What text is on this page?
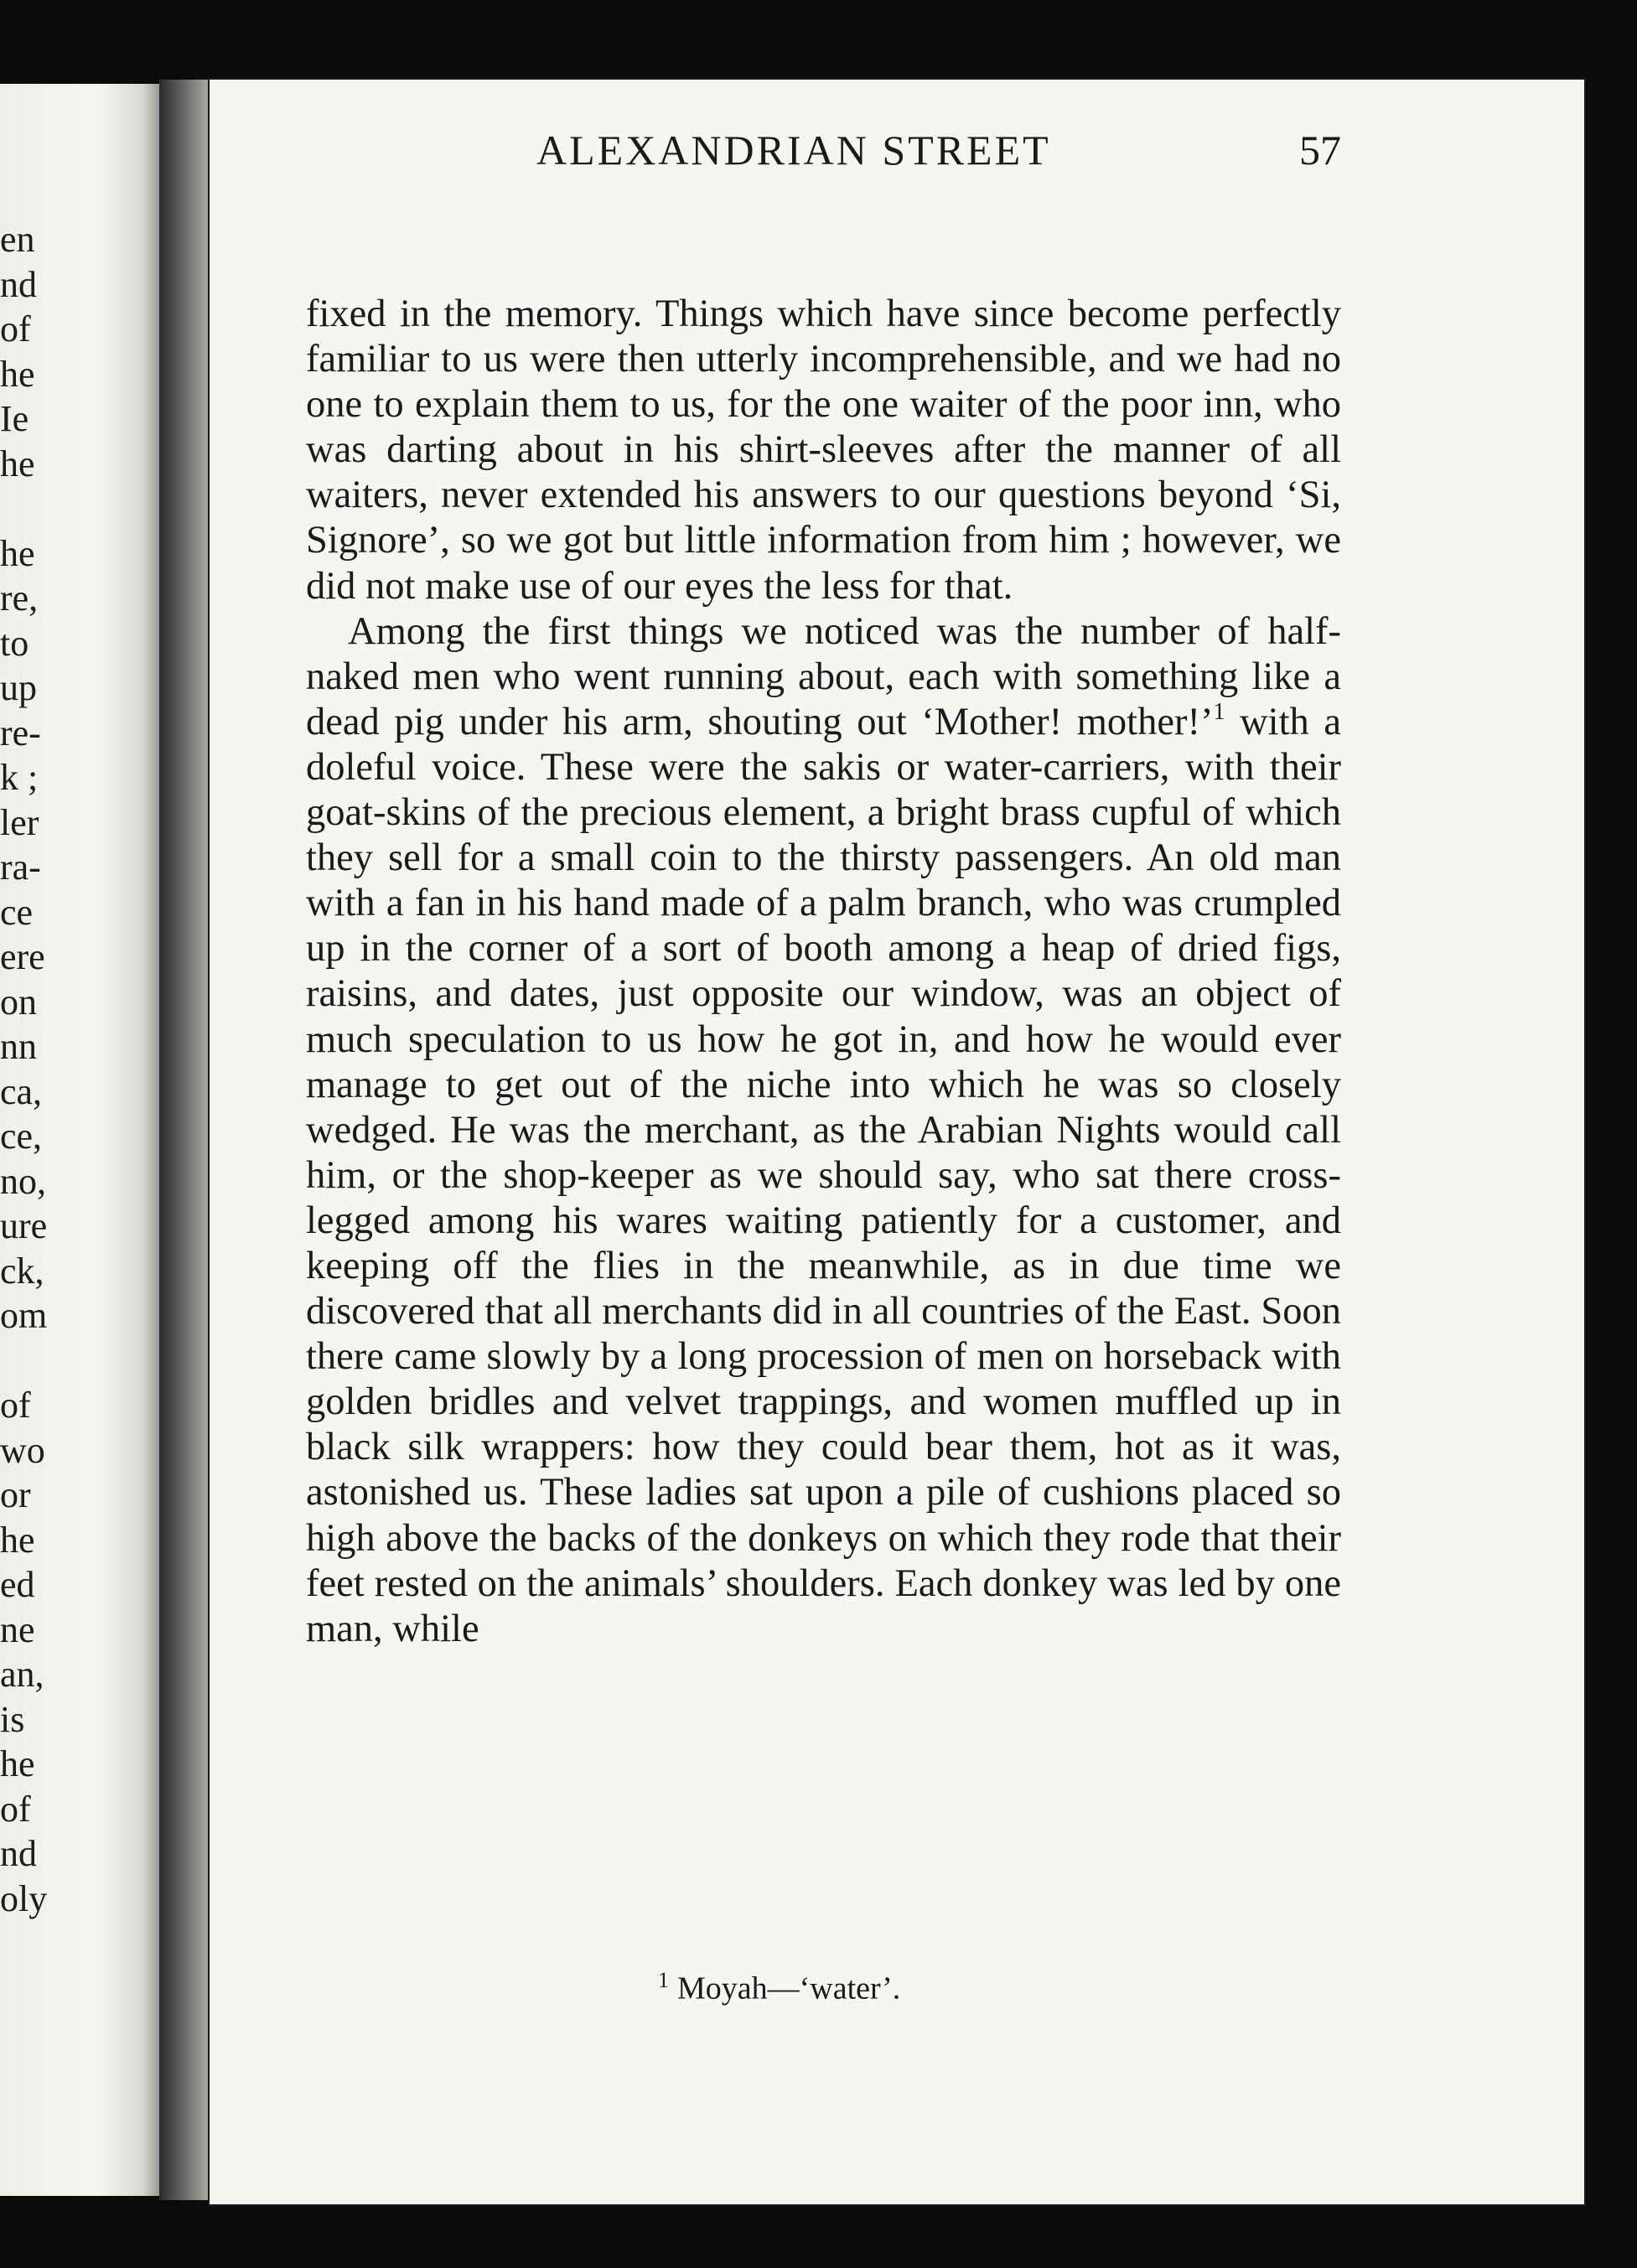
en
nd
of
he
Ie
he
he
re,
to
up
re-
k ;
ler
ra-
ce
ere
on
nn
ca,
ce,
no,
ure
ck,
om
of
wo
or
he
ed
ne
an,
is
he
of
nd
oly
ALEXANDRIAN STREET	57

fixed in the memory. Things which have since become perfectly familiar to us were then utterly incomprehensible, and we had no one to explain them to us, for the one waiter of the poor inn, who was darting about in his shirt-sleeves after the manner of all waiters, never extended his answers to our questions beyond ‘Si, Signore’, so we got but little information from him ; however, we did not make use of our eyes the less for that.

Among the first things we noticed was the number of half-naked men who went running about, each with something like a dead pig under his arm, shouting out ‘Mother! mother!’$^1$ with a doleful voice. These were the sakis or water-carriers, with their goat-skins of the precious element, a bright brass cupful of which they sell for a small coin to the thirsty passengers. An old man with a fan in his hand made of a palm branch, who was crumpled up in the corner of a sort of booth among a heap of dried figs, raisins, and dates, just opposite our window, was an object of much speculation to us how he got in, and how he would ever manage to get out of the niche into which he was so closely wedged. He was the merchant, as the Arabian Nights would call him, or the shop-keeper as we should say, who sat there cross-legged among his wares waiting patiently for a customer, and keeping off the flies in the meanwhile, as in due time we discovered that all merchants did in all countries of the East. Soon there came slowly by a long procession of men on horseback with golden bridles and velvet trappings, and women muffled up in black silk wrappers: how they could bear them, hot as it was, astonished us. These ladies sat upon a pile of cushions placed so high above the backs of the donkeys on which they rode that their feet rested on the animals’ shoulders. Each donkey was led by one man, while

$^1$ Moyah—‘water’.
